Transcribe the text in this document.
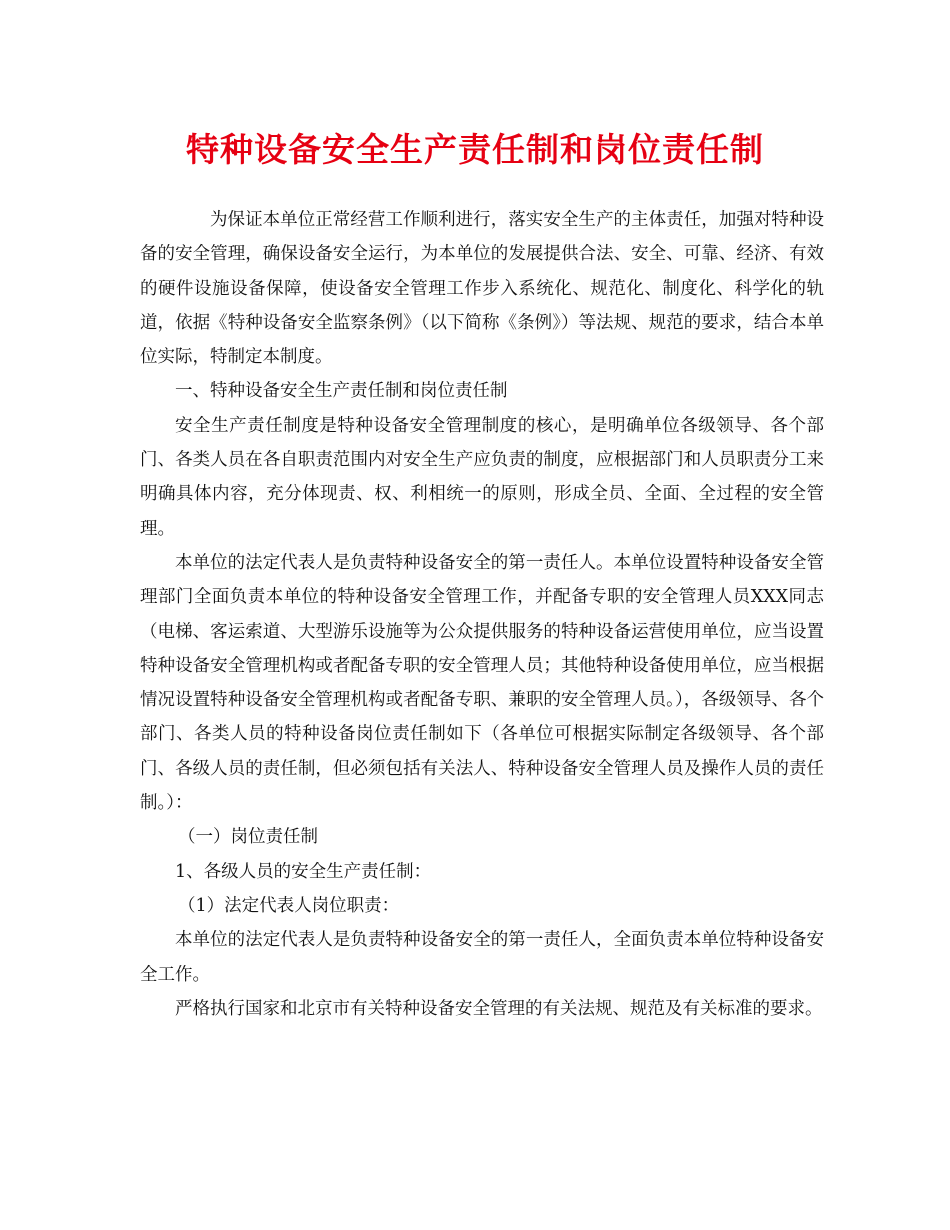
特种设备安全生产责任制和岗位责任制

为保证本单位正常经营工作顺利进行，落实安全生产的主体责任，加强对特种设备的安全管理，确保设备安全运行，为本单位的发展提供合法、安全、可靠、经济、有效的硬件设施设备保障，使设备安全管理工作步入系统化、规范化、制度化、科学化的轨道，依据《特种设备安全监察条例》（以下简称《条例》）等法规、规范的要求，结合本单位实际，特制定本制度。

一、特种设备安全生产责任制和岗位责任制

安全生产责任制度是特种设备安全管理制度的核心，是明确单位各级领导、各个部门、各类人员在各自职责范围内对安全生产应负责的制度，应根据部门和人员职责分工来明确具体内容，充分体现责、权、利相统一的原则，形成全员、全面、全过程的安全管理。

本单位的法定代表人是负责特种设备安全的第一责任人。本单位设置特种设备安全管理部门全面负责本单位的特种设备安全管理工作，并配备专职的安全管理人员XXX同志（电梯、客运索道、大型游乐设施等为公众提供服务的特种设备运营使用单位，应当设置特种设备安全管理机构或者配备专职的安全管理人员；其他特种设备使用单位，应当根据情况设置特种设备安全管理机构或者配备专职、兼职的安全管理人员。），各级领导、各个部门、各类人员的特种设备岗位责任制如下（各单位可根据实际制定各级领导、各个部门、各级人员的责任制，但必须包括有关法人、特种设备安全管理人员及操作人员的责任制。）：

（一）岗位责任制

1、各级人员的安全生产责任制：

（1）法定代表人岗位职责：

本单位的法定代表人是负责特种设备安全的第一责任人，全面负责本单位特种设备安全工作。

严格执行国家和北京市有关特种设备安全管理的有关法规、规范及有关标准的要求。
